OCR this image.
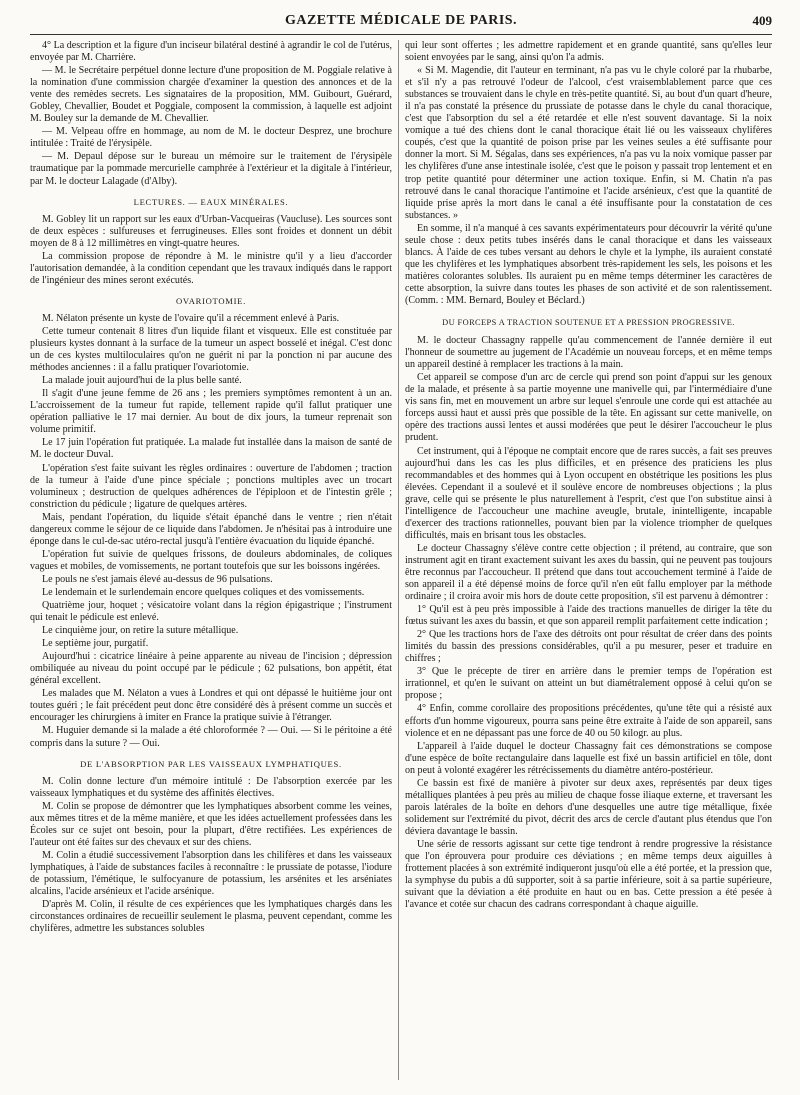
GAZETTE MÉDICALE DE PARIS.	409

4° La description et la figure d'un inciseur bilatéral destiné à agrandir le col de l'utérus, envoyée par M. Charrière.

— M. le Secrétaire perpétuel donne lecture d'une proposition de M. Poggiale relative à la nomination d'une commission chargée d'examiner la question des annonces et de la vente des remèdes secrets. Les signataires de la proposition, MM. Guibourt, Guérard, Gobley, Chevallier, Boudet et Poggiale, composent la commission, à laquelle est adjoint M. Bouley sur la demande de M. Chevallier.

— M. Velpeau offre en hommage, au nom de M. le docteur Desprez, une brochure intitulée : Traité de l'érysipèle.

— M. Depaul dépose sur le bureau un mémoire sur le traitement de l'érysipèle traumatique par la pommade mercurielle camphrée à l'extérieur et la digitale à l'intérieur, par M. le docteur Lalagade (d'Alby).

LECTURES. — EAUX MINÉRALES.

M. Gobley lit un rapport sur les eaux d'Urban-Vacqueiras (Vaucluse). Les sources sont de deux espèces : sulfureuses et ferrugineuses. Elles sont froides et donnent un débit moyen de 8 à 12 millimètres en vingt-quatre heures.

La commission propose de répondre à M. le ministre qu'il y a lieu d'accorder l'autorisation demandée, à la condition cependant que les travaux indiqués dans le rapport de l'ingénieur des mines seront exécutés.

OVARIOTOMIE.

M. Nélaton présente un kyste de l'ovaire qu'il a récemment enlevé à Paris.

Cette tumeur contenait 8 litres d'un liquide filant et visqueux. Elle est constituée par plusieurs kystes donnant à la surface de la tumeur un aspect bosselé et inégal. C'est donc un de ces kystes multiloculaires qu'on ne guérit ni par la ponction ni par aucune des méthodes anciennes : il a fallu pratiquer l'ovariotomie.

La malade jouit aujourd'hui de la plus belle santé.

Il s'agit d'une jeune femme de 26 ans ; les premiers symptômes remontent à un an. L'accroissement de la tumeur fut rapide, tellement rapide qu'il fallut pratiquer une opération palliative le 17 mai dernier. Au bout de dix jours, la tumeur reprenait son volume primitif.

Le 17 juin l'opération fut pratiquée. La malade fut installée dans la maison de santé de M. le docteur Duval.

L'opération s'est faite suivant les règles ordinaires : ouverture de l'abdomen ; traction de la tumeur à l'aide d'une pince spéciale ; ponctions multiples avec un trocart volumineux ; destruction de quelques adhérences de l'épiploon et de l'intestin grêle ; constriction du pédicule ; ligature de quelques artères.

Mais, pendant l'opération, du liquide s'était épanché dans le ventre ; rien n'était dangereux comme le séjour de ce liquide dans l'abdomen. Je n'hésitai pas à introduire une éponge dans le cul-de-sac utéro-rectal jusqu'à l'entière évacuation du liquide épanché.

L'opération fut suivie de quelques frissons, de douleurs abdominales, de coliques vagues et mobiles, de vomissements, ne portant toutefois que sur les boissons ingérées.

Le pouls ne s'est jamais élevé au-dessus de 96 pulsations.

Le lendemain et le surlendemain encore quelques coliques et des vomissements.

Quatrième jour, hoquet ; vésicatoire volant dans la région épigastrique ; l'instrument qui tenait le pédicule est enlevé.

Le cinquième jour, on retire la suture métallique.

Le septième jour, purgatif.

Aujourd'hui : cicatrice linéaire à peine apparente au niveau de l'incision ; dépression ombiliquée au niveau du point occupé par le pédicule ; 62 pulsations, bon appétit, état général excellent.

Les malades que M. Nélaton a vues à Londres et qui ont dépassé le huitième jour ont toutes guéri ; le fait précédent peut donc être considéré dès à présent comme un succès et encourager les chirurgiens à imiter en France la pratique suivie à l'étranger.

M. Huguier demande si la malade a été chloroformée ? — Oui. — Si le péritoine a été compris dans la suture ? — Oui.

DE L'ABSORPTION PAR LES VAISSEAUX LYMPHATIQUES.

M. Colin donne lecture d'un mémoire intitulé : De l'absorption exercée par les vaisseaux lymphatiques et du système des affinités électives.

M. Colin se propose de démontrer que les lymphatiques absorbent comme les veines, aux mêmes titres et de la même manière, et que les idées actuellement professées dans les Écoles sur ce sujet ont besoin, pour la plupart, d'être rectifiées. Les expériences de l'auteur ont été faites sur des chevaux et sur des chiens.

M. Colin a étudié successivement l'absorption dans les chilifères et dans les vaisseaux lymphatiques, à l'aide de substances faciles à reconnaître : le prussiate de potasse, l'iodure de potassium, l'émétique, le sulfocyanure de potassium, les arsénites et les arséniates alcalins, l'acide arsénieux et l'acide arsénique.

D'après M. Colin, il résulte de ces expériences que les lymphatiques chargés dans les circonstances ordinaires de recueillir seulement le plasma, peuvent cependant, comme les chylifères, admettre les substances solubles

qui leur sont offertes ; les admettre rapidement et en grande quantité, sans qu'elles leur soient envoyées par le sang, ainsi qu'on l'a admis.

« Si M. Magendie, dit l'auteur en terminant, n'a pas vu le chyle coloré par la rhubarbe, et s'il n'y a pas retrouvé l'odeur de l'alcool, c'est vraisemblablement parce que ces substances se trouvaient dans le chyle en très-petite quantité. Si, au bout d'un quart d'heure, il n'a pas constaté la présence du prussiate de potasse dans le chyle du canal thoracique, c'est que l'absorption du sel a été retardée et elle n'est souvent davantage. Si la noix vomique a tué des chiens dont le canal thoracique était lié ou les vaisseaux chylifères coupés, c'est que la quantité de poison prise par les veines seules a été suffisante pour donner la mort. Si M. Ségalas, dans ses expériences, n'a pas vu la noix vomique passer par les chylifères d'une anse intestinale isolée, c'est que le poison y passait trop lentement et en trop petite quantité pour déterminer une action toxique. Enfin, si M. Chatin n'a pas retrouvé dans le canal thoracique l'antimoine et l'acide arsénieux, c'est que la quantité de liquide prise après la mort dans le canal a été insuffisante pour la constatation de ces substances. »

En somme, il n'a manqué à ces savants expérimentateurs pour découvrir la vérité qu'une seule chose : deux petits tubes insérés dans le canal thoracique et dans les vaisseaux blancs. À l'aide de ces tubes versant au dehors le chyle et la lymphe, ils auraient constaté que les chylifères et les lymphatiques absorbent très-rapidement les sels, les poisons et les matières colorantes solubles. Ils auraient pu en même temps déterminer les caractères de cette absorption, la suivre dans toutes les phases de son activité et de son ralentissement. (Comm. : MM. Bernard, Bouley et Béclard.)

DU FORCEPS A TRACTION SOUTENUE ET A PRESSION PROGRESSIVE.

M. le docteur Chassagny rappelle qu'au commencement de l'année dernière il eut l'honneur de soumettre au jugement de l'Académie un nouveau forceps, et en même temps un appareil destiné à remplacer les tractions à la main.

Cet appareil se compose d'un arc de cercle qui prend son point d'appui sur les genoux de la malade, et présente à sa partie moyenne une manivelle qui, par l'intermédiaire d'une vis sans fin, met en mouvement un arbre sur lequel s'enroule une corde qui est attachée au forceps aussi haut et aussi près que possible de la tête. En agissant sur cette manivelle, on opère des tractions aussi lentes et aussi modérées que peut le désirer l'accoucheur le plus prudent.

Cet instrument, qui à l'époque ne comptait encore que de rares succès, a fait ses preuves aujourd'hui dans les cas les plus difficiles, et en présence des praticiens les plus recommandables et des hommes qui à Lyon occupent en obstétrique les positions les plus élevées. Cependant il a soulevé et il soulève encore de nombreuses objections ; la plus grave, celle qui se présente le plus naturellement à l'esprit, c'est que l'on substitue ainsi à l'intelligence de l'accoucheur une machine aveugle, brutale, inintelligente, incapable d'exercer des tractions rationnelles, pouvant bien par la violence triompher de quelques difficultés, mais en brisant tous les obstacles.

Le docteur Chassagny s'élève contre cette objection ; il prétend, au contraire, que son instrument agit en tirant exactement suivant les axes du bassin, qui ne peuvent pas toujours être reconnus par l'accoucheur. Il prétend que dans tout accouchement terminé à l'aide de son appareil il a été dépensé moins de force qu'il n'en eût fallu employer par la méthode ordinaire ; il croira avoir mis hors de doute cette proposition, s'il est parvenu à démontrer :

1° Qu'il est à peu près impossible à l'aide des tractions manuelles de diriger la tête du fœtus suivant les axes du bassin, et que son appareil remplit parfaitement cette indication ;

2° Que les tractions hors de l'axe des détroits ont pour résultat de créer dans des points limités du bassin des pressions considérables, qu'il a pu mesurer, peser et traduire en chiffres ;

3° Que le précepte de tirer en arrière dans le premier temps de l'opération est irrationnel, et qu'en le suivant on atteint un but diamétralement opposé à celui qu'on se propose ;

4° Enfin, comme corollaire des propositions précédentes, qu'une tête qui a résisté aux efforts d'un homme vigoureux, pourra sans peine être extraite à l'aide de son appareil, sans violence et en ne dépassant pas une force de 40 ou 50 kilogr. au plus.

L'appareil à l'aide duquel le docteur Chassagny fait ces démonstrations se compose d'une espèce de boîte rectangulaire dans laquelle est fixé un bassin artificiel en tôle, dont on peut à volonté exagérer les rétrécissements du diamètre antéro-postérieur.

Ce bassin est fixé de manière à pivoter sur deux axes, représentés par deux tiges métalliques plantées à peu près au milieu de chaque fosse iliaque externe, et traversant les parois latérales de la boîte en dehors d'une desquelles une autre tige métallique, fixée solidement sur l'extrémité du pivot, décrit des arcs de cercle d'autant plus étendus que l'on déviera davantage le bassin.

Une série de ressorts agissant sur cette tige tendront à rendre progressive la résistance que l'on éprouvera pour produire ces déviations ; en même temps deux aiguilles à frottement placées à son extrémité indiqueront jusqu'où elle a été portée, et la pression que, la symphyse du pubis a dû supporter, soit à sa partie inférieure, soit à sa partie supérieure, suivant que la déviation a été produite en haut ou en bas. Cette pression a été pesée à l'avance et cotée sur chacun des cadrans correspondant à chaque aiguille.
